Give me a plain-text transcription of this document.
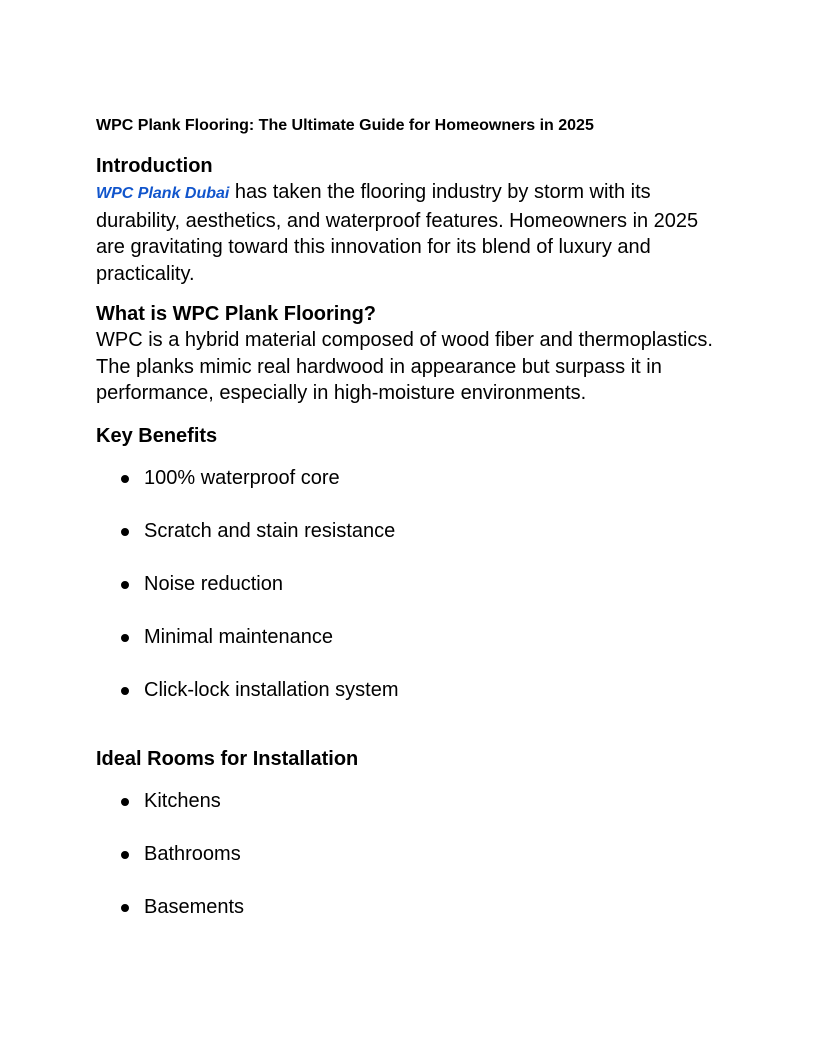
WPC Plank Flooring: The Ultimate Guide for Homeowners in 2025
Introduction

WPC Plank Dubai has taken the flooring industry by storm with its durability, aesthetics, and waterproof features. Homeowners in 2025 are gravitating toward this innovation for its blend of luxury and practicality.

What is WPC Plank Flooring?

WPC is a hybrid material composed of wood fiber and thermoplastics. The planks mimic real hardwood in appearance but surpass it in performance, especially in high-moisture environments.

Key Benefits
100% waterproof core
Scratch and stain resistance
Noise reduction
Minimal maintenance
Click-lock installation system
Ideal Rooms for Installation
Kitchens
Bathrooms
Basements
